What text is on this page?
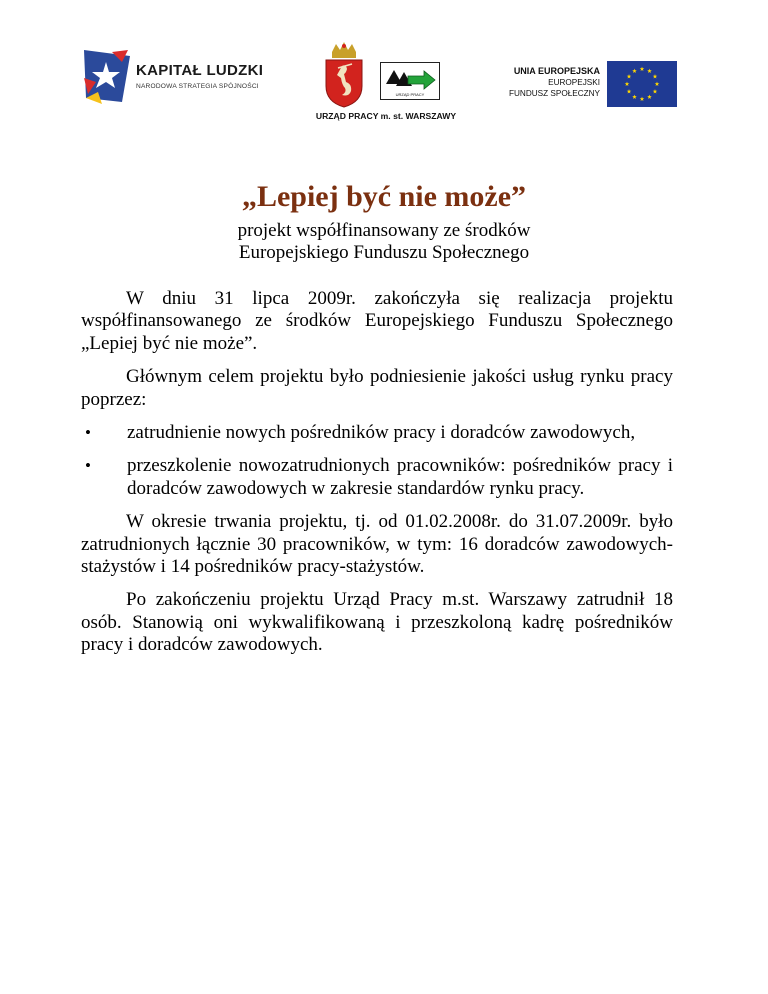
KAPITAŁ LUDZKI
NARODOWA STRATEGIA SPÓJNOŚCI
URZĄD PRACY
URZĄD PRACY m. st. WARSZAWY
UNIA EUROPEJSKA
EUROPEJSKI
FUNDUSZ SPOŁECZNY
„Lepiej być nie może”
projekt współfinansowany ze środków
Europejskiego Funduszu Społecznego

W dniu 31 lipca 2009r. zakończyła się realizacja projektu współfinansowanego ze środków Europejskiego Funduszu Społecznego „Lepiej być nie może”.

Głównym celem projektu było podniesienie jakości usług rynku pracy poprzez:

• zatrudnienie nowych pośredników pracy i doradców zawodowych,
• przeszkolenie nowozatrudnionych pracowników: pośredników pracy i doradców zawodowych w zakresie standardów rynku pracy.

W okresie trwania projektu, tj. od 01.02.2008r. do 31.07.2009r. było zatrudnionych łącznie 30 pracowników, w tym: 16 doradców zawodowych-stażystów i 14 pośredników pracy-stażystów.

Po zakończeniu projektu Urząd Pracy m.st. Warszawy zatrudnił 18 osób. Stanowią oni wykwalifikowaną i przeszkoloną kadrę pośredników pracy i doradców zawodowych.
